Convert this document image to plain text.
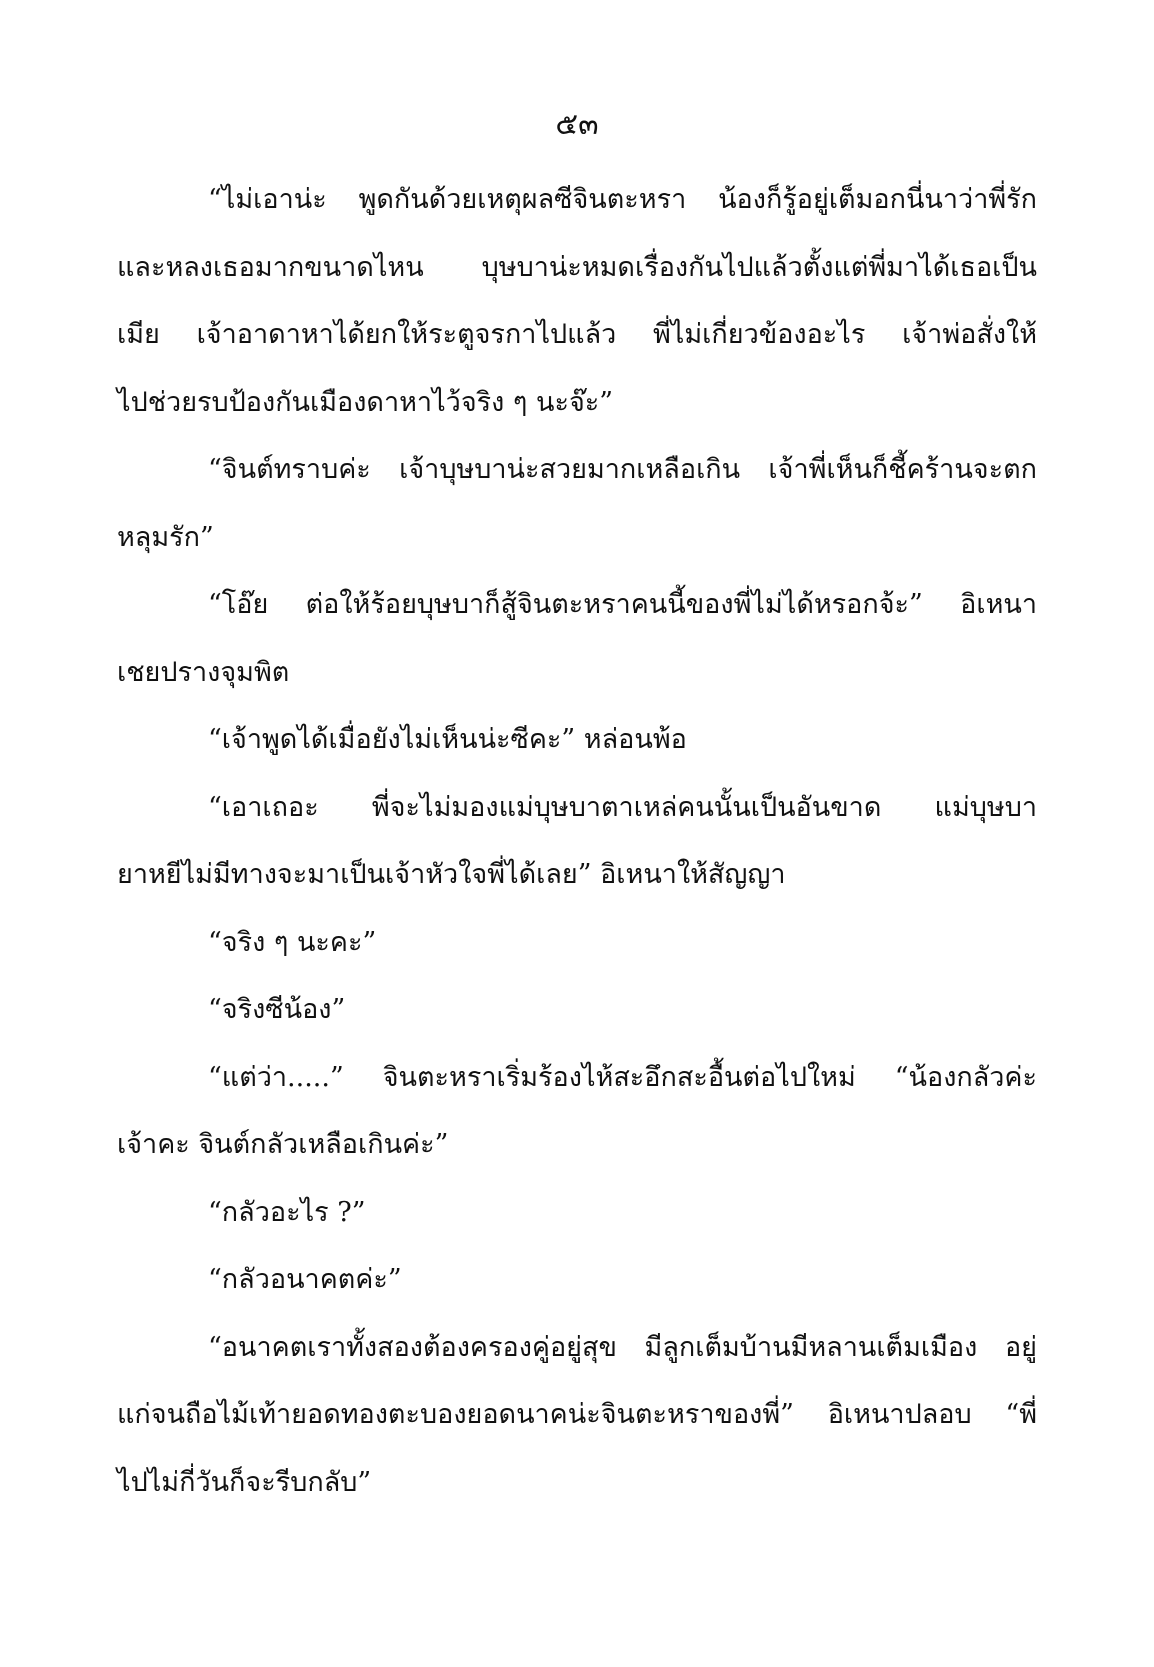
๕๓
“ไม่เอาน่ะ พูดกันด้วยเหตุผลซีจินตะหรา น้องก็รู้อยู่เต็มอกนี่นาว่าพี่รัก
และหลงเธอมากขนาดไหน บุษบาน่ะหมดเรื่องกันไปแล้วตั้งแต่พี่มาได้เธอเป็น
เมีย เจ้าอาดาหาได้ยกให้ระตูจรกาไปแล้ว พี่ไม่เกี่ยวข้องอะไร เจ้าพ่อสั่งให้
ไปช่วยรบป้องกันเมืองดาหาไว้จริง ๆ นะจ๊ะ”
“จินต์ทราบค่ะ เจ้าบุษบาน่ะสวยมากเหลือเกิน เจ้าพี่เห็นก็ชี้คร้านจะตก
หลุมรัก”
“โอ๊ย ต่อให้ร้อยบุษบาก็สู้จินตะหราคนนี้ของพี่ไม่ได้หรอกจ้ะ” อิเหนา
เชยปรางจุมพิต
“เจ้าพูดได้เมื่อยังไม่เห็นน่ะซีคะ” หล่อนพ้อ
“เอาเถอะ พี่จะไม่มองแม่บุษบาตาเหล่คนนั้นเป็นอันขาด แม่บุษบา
ยาหยีไม่มีทางจะมาเป็นเจ้าหัวใจพี่ได้เลย” อิเหนาให้สัญญา
“จริง ๆ นะคะ”
“จริงซีน้อง”
“แต่ว่า.....” จินตะหราเริ่มร้องไห้สะอึกสะอื้นต่อไปใหม่ “น้องกลัวค่ะ
เจ้าคะ จินต์กลัวเหลือเกินค่ะ”
“กลัวอะไร ?”
“กลัวอนาคตค่ะ”
“อนาคตเราทั้งสองต้องครองคู่อยู่สุข มีลูกเต็มบ้านมีหลานเต็มเมือง อยู่
แก่จนถือไม้เท้ายอดทองตะบองยอดนาคน่ะจินตะหราของพี่” อิเหนาปลอบ “พี่
ไปไม่กี่วันก็จะรีบกลับ”
